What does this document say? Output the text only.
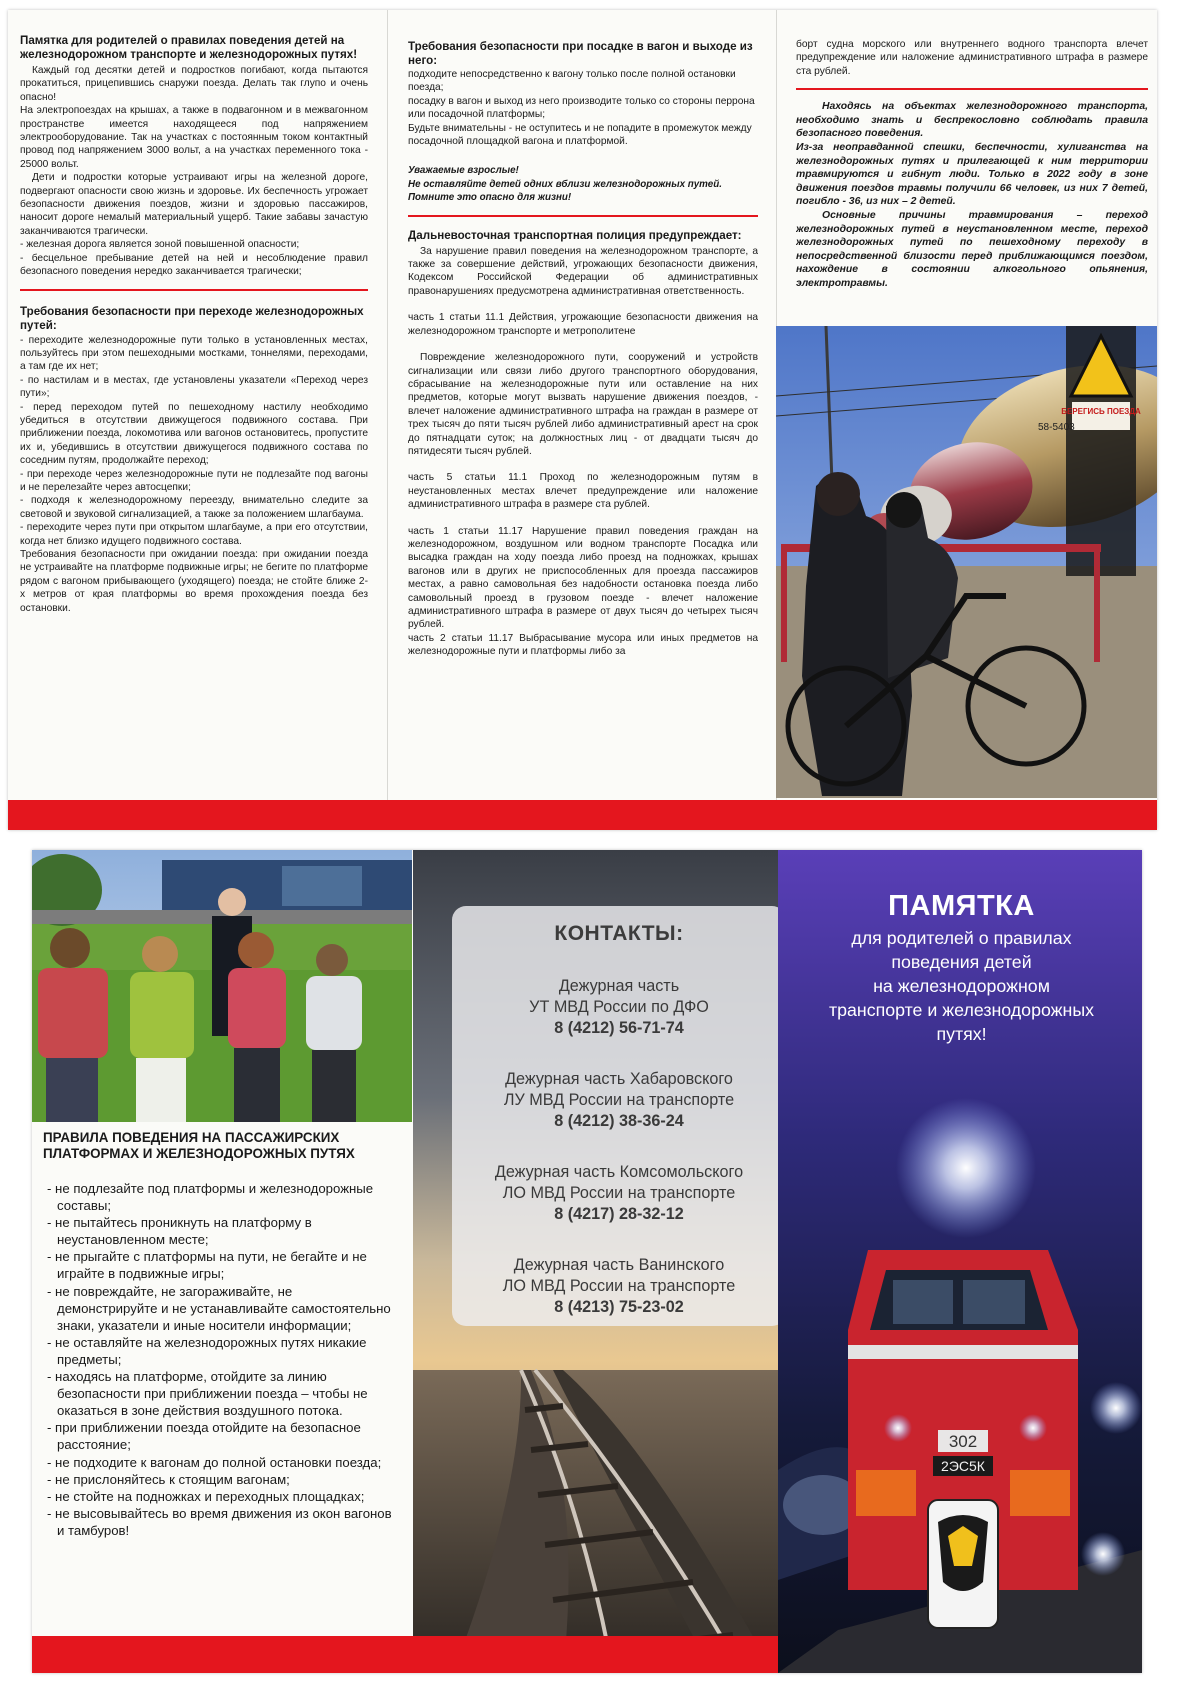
Памятка для родителей о правилах поведения детей на железнодорожном транспорте и железнодорожных путях!

Каждый год десятки детей и подростков погибают, когда пытаются прокатиться, прицепившись снаружи поезда. Делать так глупо и очень опасно!

На электропоездах на крышах, а также в подвагонном и в межвагонном пространстве имеется находящееся под напряжением электрооборудование. Так на участках с постоянным током контактный провод под напряжением 3000 вольт, а на участках переменного тока - 25000 вольт.

Дети и подростки которые устраивают игры на железной дороге, подвергают опасности свою жизнь и здоровье. Их беспечность угрожает безопасности движения поездов, жизни и здоровью пассажиров, наносит дороге немалый материальный ущерб. Такие забавы зачастую заканчиваются трагически.

- железная дорога является зоной повышенной опасности;

- бесцельное пребывание детей на ней и несоблюдение правил безопасного поведения нередко заканчивается трагически;

Требования безопасности при переходе железнодорожных путей:

- переходите железнодорожные пути только в установленных местах, пользуйтесь при этом пешеходными мостками, тоннелями, переходами, а там где их нет;

- по настилам и в местах, где установлены указатели «Переход через пути»;

- перед переходом путей по пешеходному настилу необходимо убедиться в отсутствии движущегося подвижного состава. При приближении поезда, локомотива или вагонов остановитесь, пропустите их и, убедившись в отсутствии движущегося подвижного состава по соседним путям, продолжайте переход;

- при переходе через железнодорожные пути не подлезайте под вагоны и не перелезайте через автосцепки;

- подходя к железнодорожному переезду, внимательно следите за световой и звуковой сигнализацией, а также за положением шлагбаума.

- переходите через пути при открытом шлагбауме, а при его отсутствии, когда нет близко идущего подвижного состава.

Требования безопасности при ожидании поезда: при ожидании поезда не устраивайте на платформе подвижные игры; не бегите по платформе рядом с вагоном прибывающего (уходящего) поезда; не стойте ближе 2-х метров от края платформы во время прохождения поезда без остановки.

Требования безопасности при посадке в вагон и выходе из него:

подходите непосредственно к вагону только после полной остановки поезда;

посадку в вагон и выход из него производите только со стороны перрона или посадочной платформы;

Будьте внимательны - не оступитесь и не попадите в промежуток между посадочной площадкой вагона и платформой.

Уважаемые взрослые!

Не оставляйте детей одних вблизи железнодорожных путей.

Помните это опасно для жизни!

Дальневосточная транспортная полиция предупреждает:

За нарушение правил поведения на железнодорожном транспорте, а также за совершение действий, угрожающих безопасности движения, Кодексом Российской Федерации об административных правонарушениях предусмотрена административная ответственность.

часть 1 статьи 11.1 Действия, угрожающие безопасности движения на железнодорожном транспорте и метрополитене

Повреждение железнодорожного пути, сооружений и устройств сигнализации или связи либо другого транспортного оборудования, сбрасывание на железнодорожные пути или оставление на них предметов, которые могут вызвать нарушение движения поездов, - влечет наложение административного штрафа на граждан в размере от трех тысяч до пяти тысяч рублей либо административный арест на срок до пятнадцати суток; на должностных лиц - от двадцати тысяч до пятидесяти тысяч рублей.

часть 5 статьи 11.1 Проход по железнодорожным путям в неустановленных местах влечет предупреждение или наложение административного штрафа в размере ста рублей.

часть 1 статьи 11.17 Нарушение правил поведения граждан на железнодорожном, воздушном или водном транспорте Посадка или высадка граждан на ходу поезда либо проезд на подножках, крышах вагонов или в других не приспособленных для проезда пассажиров местах, а равно самовольная без надобности остановка поезда либо самовольный проезд в грузовом поезде - влечет наложение административного штрафа в размере от двух тысяч до четырех тысяч рублей.

часть 2 статьи 11.17 Выбрасывание мусора или иных предметов на железнодорожные пути и платформы либо за

борт судна морского или внутреннего водного транспорта влечет предупреждение или наложение административного штрафа в размере ста рублей.

Находясь на объектах железнодорожного транспорта, необходимо знать и беспрекословно соблюдать правила безопасного поведения.

Из-за неоправданной спешки, беспечности, хулиганства на железнодорожных путях и прилегающей к ним территории травмируются и гибнут люди. Только в 2022 году в зоне движения поездов травмы получили 66 человек, из них 7 детей, погибло - 36, из них – 2 детей.

Основные причины травмирования – переход железнодорожных путей в неустановленном месте, переход железнодорожных путей по пешеходному переходу в непосредственной близости перед приближающимся поездом, нахождение в состоянии алкогольного опьянения, электротравмы.

БЕРЕГИСЬ ПОЕЗДА
58-5403
ПРАВИЛА ПОВЕДЕНИЯ НА ПАССАЖИРСКИХ ПЛАТФОРМАХ И ЖЕЛЕЗНОДОРОЖНЫХ ПУТЯХ
- не подлезайте под платформы и железнодорожные составы;
- не пытайтесь проникнуть на платформу в неустановленном месте;
- не прыгайте с платформы на пути, не бегайте и не играйте в подвижные игры;
- не повреждайте, не загораживайте, не демонстрируйте и не устанавливайте самостоятельно знаки, указатели и иные носители информации;
- не оставляйте на железнодорожных путях никакие предметы;
- находясь на платформе, отойдите за линию безопасности при приближении поезда – чтобы не оказаться в зоне действия воздушного потока.
- при приближении поезда отойдите на безопасное расстояние;
- не подходите к вагонам до полной остановки поезда;
- не прислоняйтесь к стоящим вагонам;
- не стойте на подножках и переходных площадках;
- не высовывайтесь во время движения из окон вагонов и тамбуров!
КОНТАКТЫ:
Дежурная часть
УТ МВД России по ДФО
8 (4212) 56-71-74
Дежурная часть Хабаровского
ЛУ МВД России на транспорте
8 (4212) 38-36-24
Дежурная часть Комсомольского
ЛО МВД России на транспорте
8 (4217) 28-32-12
Дежурная часть Ванинского
ЛО МВД России на транспорте
8 (4213) 75-23-02
302
2ЭС5К
ПАМЯТКА
для родителей о правилах
поведения детей
на железнодорожном
транспорте и железнодорожных
путях!
